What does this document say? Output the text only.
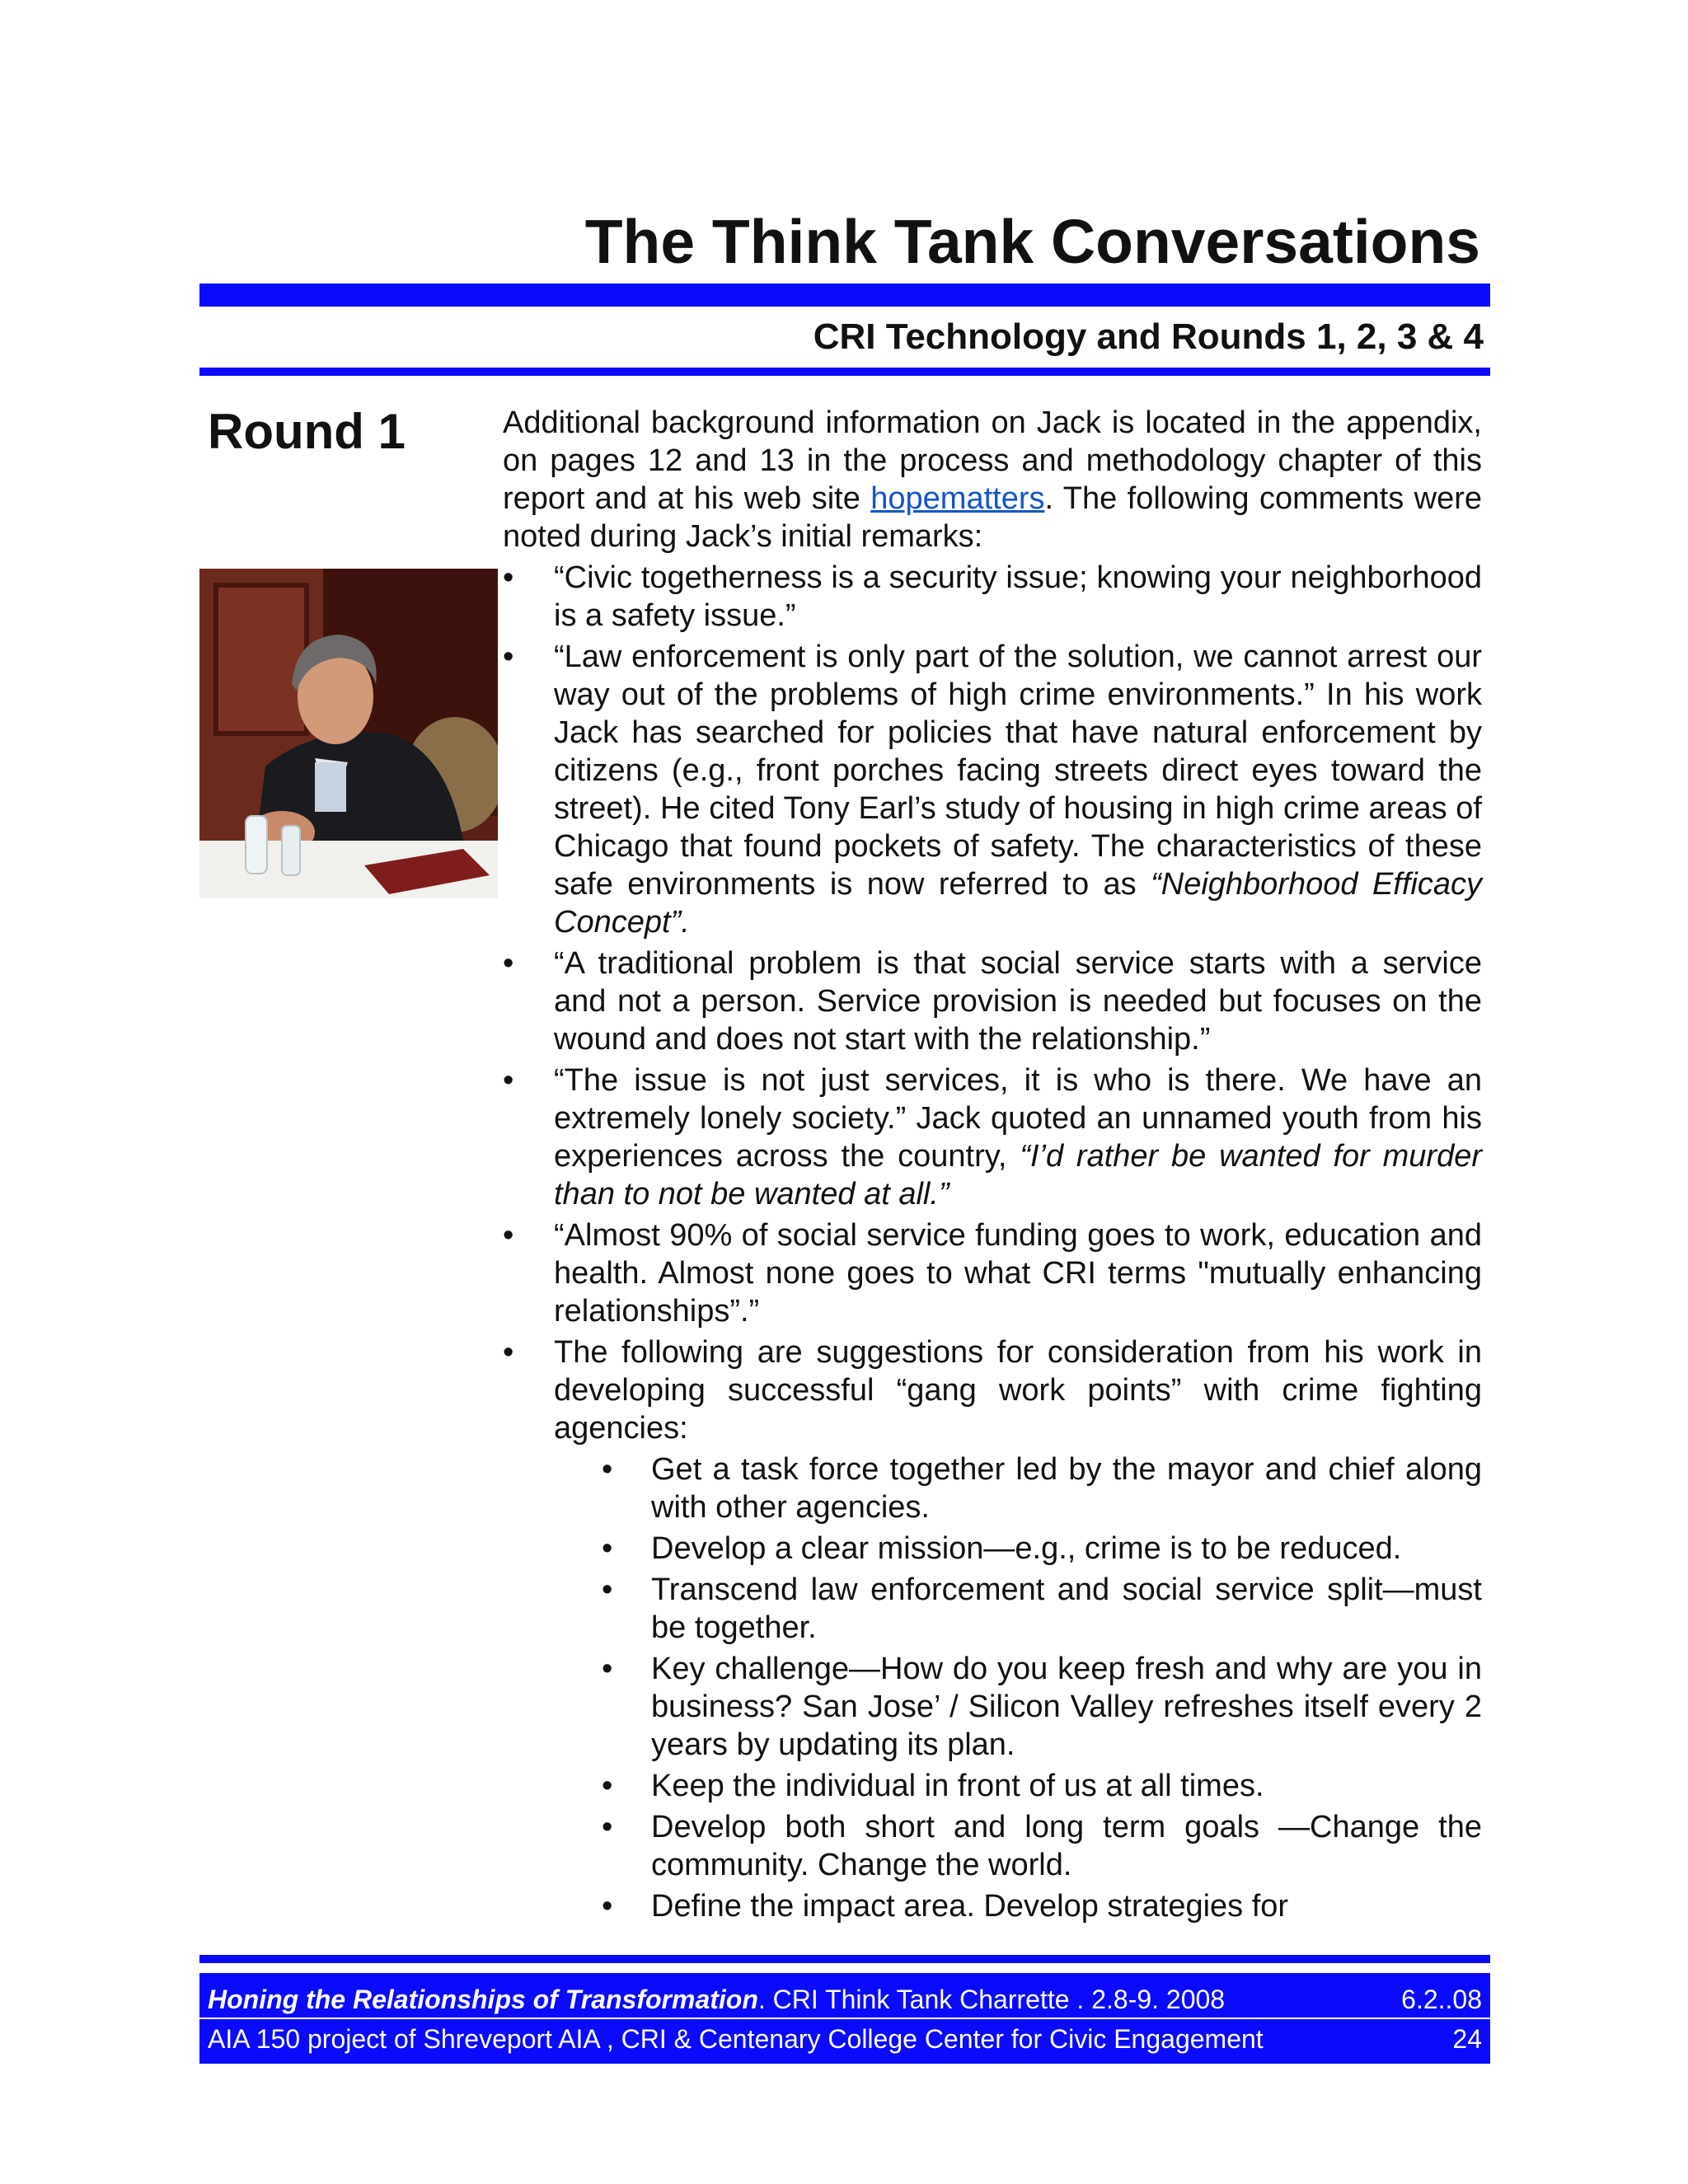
The Think Tank Conversations
CRI Technology and Rounds 1, 2, 3 & 4
Round 1	Additional background information on Jack is located in the appendix, on pages 12 and 13 in the process and methodology chapter of this report and at his web site hopematters. The following comments were noted during Jack’s initial remarks:

• “Civic togetherness is a security issue; knowing your neighborhood is a safety issue.”
• “Law enforcement is only part of the solution, we cannot arrest our way out of the problems of high crime environments.” In his work Jack has searched for policies that have natural enforcement by citizens (e.g., front porches facing streets direct eyes toward the street). He cited Tony Earl’s study of housing in high crime areas of Chicago that found pockets of safety. The characteristics of these safe environments is now referred to as “Neighborhood Efficacy Concept”.
• “A traditional problem is that social service starts with a service and not a person. Service provision is needed but focuses on the wound and does not start with the relationship.”
• “The issue is not just services, it is who is there. We have an extremely lonely society.” Jack quoted an unnamed youth from his experiences across the country, “I’d rather be wanted for murder than to not be wanted at all.”
• “Almost 90% of social service funding goes to work, education and health. Almost none goes to what CRI terms "mutually enhancing relationships”.”
• The following are suggestions for consideration from his work in developing successful “gang work points” with crime fighting agencies:
• Get a task force together led by the mayor and chief along with other agencies.
• Develop a clear mission—e.g., crime is to be reduced.
• Transcend law enforcement and social service split—must be together.
• Key challenge—How do you keep fresh and why are you in business? San Jose’ / Silicon Valley refreshes itself every 2 years by updating its plan.
• Keep the individual in front of us at all times.
• Develop both short and long term goals —Change the community. Change the world.
• Define the impact area. Develop strategies for
Honing the Relationships of Transformation. CRI Think Tank Charrette . 2.8-9. 2008	6.2..08
AIA 150 project of Shreveport AIA , CRI & Centenary College Center for Civic Engagement	24
